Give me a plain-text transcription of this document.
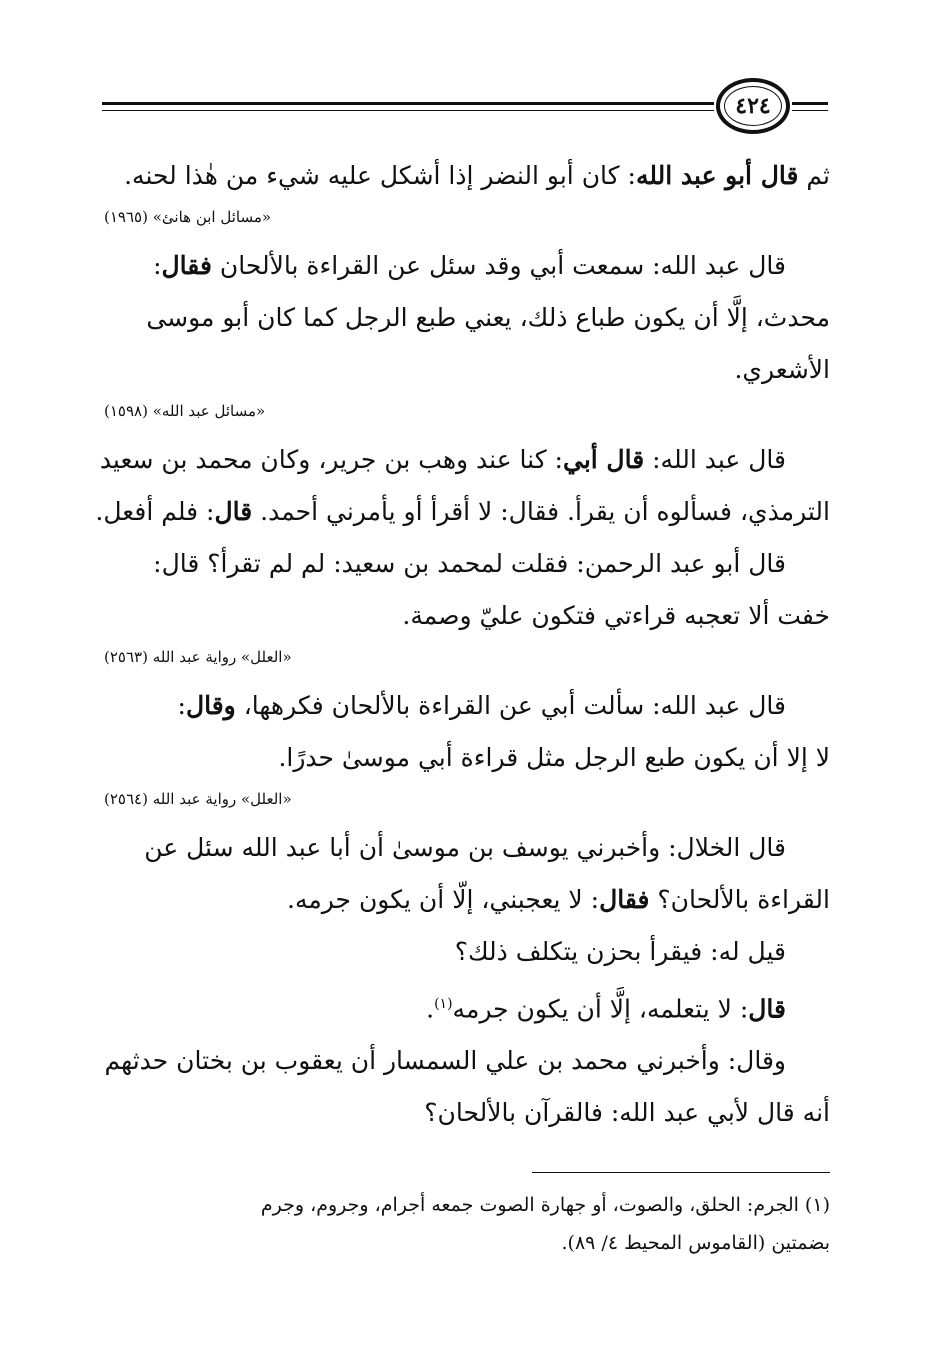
٤٢٤
ثم قال أبو عبد الله: كان أبو النضر إذا أشكل عليه شيء من هٰذا لحنه.
«مسائل ابن هانئ» (١٩٦٥)
قال عبد الله: سمعت أبي وقد سئل عن القراءة بالألحان فقال:
محدث، إلَّا أن يكون طباع ذلك، يعني طبع الرجل كما كان أبو موسى
الأشعري.
«مسائل عبد الله» (١٥٩٨)
قال عبد الله: قال أبي: كنا عند وهب بن جرير، وكان محمد بن سعيد
الترمذي، فسألوه أن يقرأ. فقال: لا أقرأ أو يأمرني أحمد. قال: فلم أفعل.
قال أبو عبد الرحمن: فقلت لمحمد بن سعيد: لم لم تقرأ؟ قال:
خفت ألا تعجبه قراءتي فتكون عليّ وصمة.
«العلل» رواية عبد الله (٢٥٦٣)
قال عبد الله: سألت أبي عن القراءة بالألحان فكرهها، وقال:
لا إلا أن يكون طبع الرجل مثل قراءة أبي موسىٰ حدرًا.
«العلل» رواية عبد الله (٢٥٦٤)
قال الخلال: وأخبرني يوسف بن موسىٰ أن أبا عبد الله سئل عن
القراءة بالألحان؟ فقال: لا يعجبني، إلّا أن يكون جرمه.
قيل له: فيقرأ بحزن يتكلف ذلك؟
قال: لا يتعلمه، إلَّا أن يكون جرمه$^{(١)}$.
وقال: وأخبرني محمد بن علي السمسار أن يعقوب بن بختان حدثهم
أنه قال لأبي عبد الله: فالقرآن بالألحان؟
(١) الجرم: الحلق، والصوت، أو جهارة الصوت جمعه أجرام، وجروم، وجرم
بضمتين (القاموس المحيط ٤/ ٨٩).
